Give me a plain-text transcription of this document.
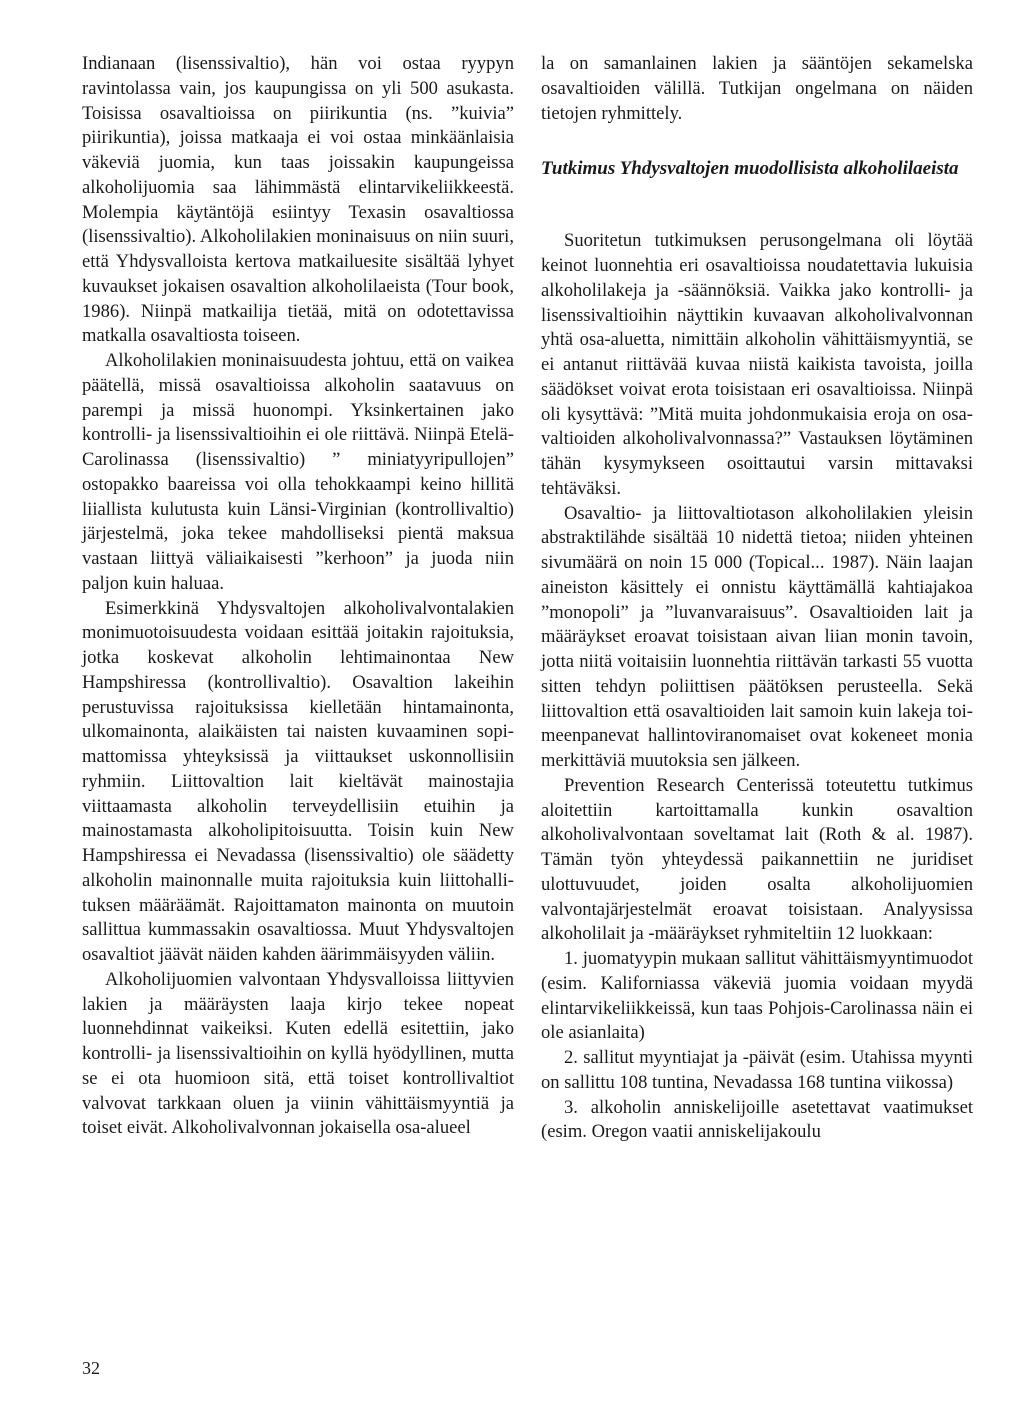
Indianaan (lisenssivaltio), hän voi ostaa ryypyn ravintolassa vain, jos kaupungissa on yli 500 asukasta. Toisissa osavaltioissa on piirikuntia (ns. ”kuivia” piirikuntia), joissa matkaaja ei voi ostaa minkäänlaisia väkeviä juomia, kun taas joissakin kaupungeissa alkoholijuomia saa lähimmästä elintarvikeliikkeestä. Molempia käytäntöjä esiintyy Texasin osavaltiossa (lisenssivaltio). Alkoholilakien moninaisuus on niin suuri, että Yhdysvalloista kertova matkailuesite sisältää lyhyet kuvaukset jokaisen osavaltion alkoholilaeista (Tour book, 1986). Niinpä matkailija tietää, mitä on odotettavissa matkalla osavaltiosta toiseen.

Alkoholilakien moninaisuudesta johtuu, että on vaikea päätellä, missä osavaltioissa alkoholin saatavuus on parempi ja missä huonompi. Yksinkertainen jako kontrolli- ja lisenssivaltioihin ei ole riittävä. Niinpä Etelä-Carolinassa (lisenssivaltio) ” miniatyyripullojen” ostopakko baareissa voi olla tehokkaampi keino hillitä liiallista kulutusta kuin Länsi-Virginian (kontrollivaltio) järjestelmä, joka tekee mahdolliseksi pientä maksua vastaan liittyä väliaikaisesti ”kerhoon” ja juoda niin paljon kuin haluaa.

Esimerkkinä Yhdysvaltojen alkoholivalvontalakien monimuotoisuudesta voidaan esittää joitakin rajoituksia, jotka koskevat alkoholin lehtimainontaa New Hampshiressa (kontrollivaltio). Osavaltion lakeihin perustuvissa rajoituksissa kielletään hintamainonta, ulkomainonta, alaikäisten tai naisten kuvaaminen sopimattomissa yhteyksissä ja viittaukset uskonnollisiin ryhmiin. Liittovaltion lait kieltävät mainostajia viittaamasta alkoholin terveydellisiin etuihin ja mainostamasta alkoholipitoisuutta. Toisin kuin New Hampshiressa ei Nevadassa (lisenssivaltio) ole säädetty alkoholin mainonnalle muita rajoituksia kuin liittohallituksen määräämät. Rajoittamaton mainonta on muutoin sallittua kummassakin osavaltiossa. Muut Yhdysvaltojen osavaltiot jäävät näiden kahden äärimmäisyyden väliin.

Alkoholijuomien valvontaan Yhdysvalloissa liittyvien lakien ja määräysten laaja kirjo tekee nopeat luonnehdinnat vaikeiksi. Kuten edellä esitettiin, jako kontrolli- ja lisenssivaltioihin on kyllä hyödyllinen, mutta se ei ota huomioon sitä, että toiset kontrollivaltiot valvovat tarkkaan oluen ja viinin vähittäismyyntiä ja toiset eivät. Alkoholivalvonnan jokaisella osa-alueel

la on samanlainen lakien ja sääntöjen sekamelska osavaltioiden välillä. Tutkijan ongelmana on näiden tietojen ryhmittely.

Tutkimus Yhdysvaltojen muodollisista alkoholilaeista

Suoritetun tutkimuksen perusongelmana oli löytää keinot luonnehtia eri osavaltioissa noudatettavia lukuisia alkoholilakeja ja -säännöksiä. Vaikka jako kontrolli- ja lisenssivaltioihin näyttikin kuvaavan alkoholivalvonnan yhtä osa-aluetta, nimittäin alkoholin vähittäismyyntiä, se ei antanut riittävää kuvaa niistä kaikista tavoista, joilla säädökset voivat erota toisistaan eri osavaltioissa. Niinpä oli kysyttävä: ”Mitä muita johdonmukaisia eroja on osavaltioiden alkoholivalvonnassa?” Vastauksen löytäminen tähän kysymykseen osoittautui varsin mittavaksi tehtäväksi.

Osavaltio- ja liittovaltiotason alkoholilakien yleisin abstraktilähde sisältää 10 nidettä tietoa; niiden yhteinen sivumäärä on noin 15 000 (Topical... 1987). Näin laajan aineiston käsittely ei onnistu käyttämällä kahtiajakoa ”monopoli” ja ”luvanvaraisuus”. Osavaltioiden lait ja määräykset eroavat toisistaan aivan liian monin tavoin, jotta niitä voitaisiin luonnehtia riittävän tarkasti 55 vuotta sitten tehdyn poliittisen päätöksen perusteella. Sekä liittovaltion että osavaltioiden lait samoin kuin lakeja toimeenpanevat hallintoviranomaiset ovat kokeneet monia merkittäviä muutoksia sen jälkeen.

Prevention Research Centerissä toteutettu tutkimus aloitettiin kartoittamalla kunkin osavaltion alkoholivalvontaan soveltamat lait (Roth & al. 1987). Tämän työn yhteydessä paikannettiin ne juridiset ulottuvuudet, joiden osalta alkoholijuomien valvontajärjestelmät eroavat toisistaan. Analyysissa alkoholilait ja -määräykset ryhmiteltiin 12 luokkaan:

1. juomatyypin mukaan sallitut vähittäismyyntimuodot (esim. Kaliforniassa väkeviä juomia voidaan myydä elintarvikeliikkeissä, kun taas Pohjois-Carolinassa näin ei ole asianlaita)

2. sallitut myyntiajat ja -päivät (esim. Utahissa myynti on sallittu 108 tuntina, Nevadassa 168 tuntina viikossa)

3. alkoholin anniskelijoille asetettavat vaatimukset (esim. Oregon vaatii anniskelijakoulu

32
